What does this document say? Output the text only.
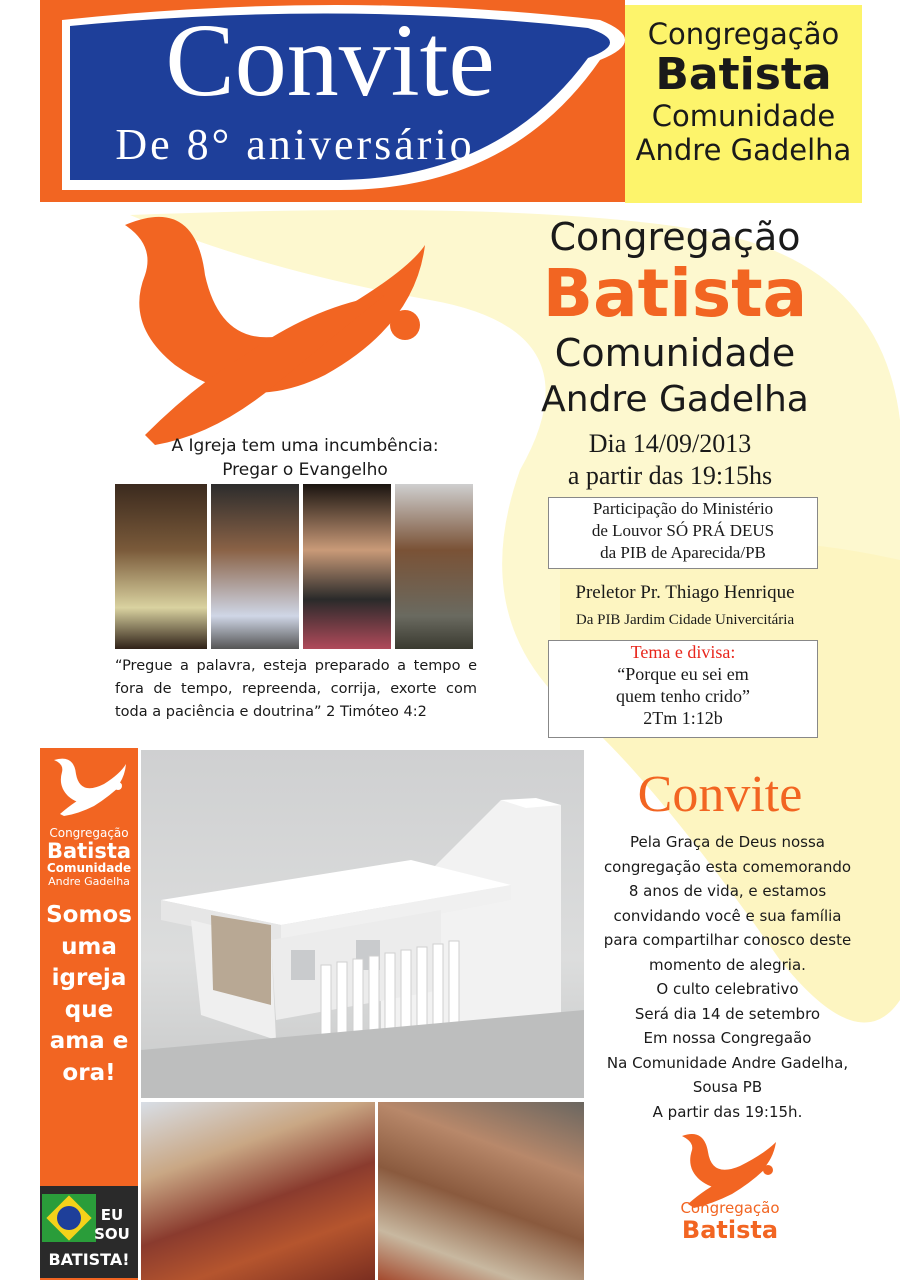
Convite
De 8° aniversário
Congregação
Batista
Comunidade
Andre Gadelha
Congregação
Batista
Comunidade
Andre Gadelha
Dia 14/09/2013
a partir das 19:15hs
A Igreja tem uma incumbência:
Pregar o Evangelho
“Pregue a palavra, esteja preparado a tempo e fora de tempo, repreenda, corrija, exorte com toda a paciência e doutrina” 2 Timóteo 4:2
Participação do Ministério
de Louvor SÓ PRÁ DEUS
da PIB de Aparecida/PB
Preletor Pr. Thiago Henrique
Da PIB Jardim Cidade Univercitária
Tema e divisa:
“Porque eu sei em
quem tenho crido”
2Tm 1:12b
Congregação
Batista
Comunidade
Andre Gadelha
Somos
uma
igreja
que
ama e
ora!
EU
SOU
BATISTA!
Convite
Pela Graça de Deus nossa
congregação esta comemorando
8 anos de vida, e estamos
convidando você e sua família
para compartilhar conosco deste
momento de alegria.
O culto celebrativo
Será dia 14 de setembro
Em nossa Congregaão
Na Comunidade Andre Gadelha,
Sousa PB
A partir das 19:15h.
Congregação
Batista
